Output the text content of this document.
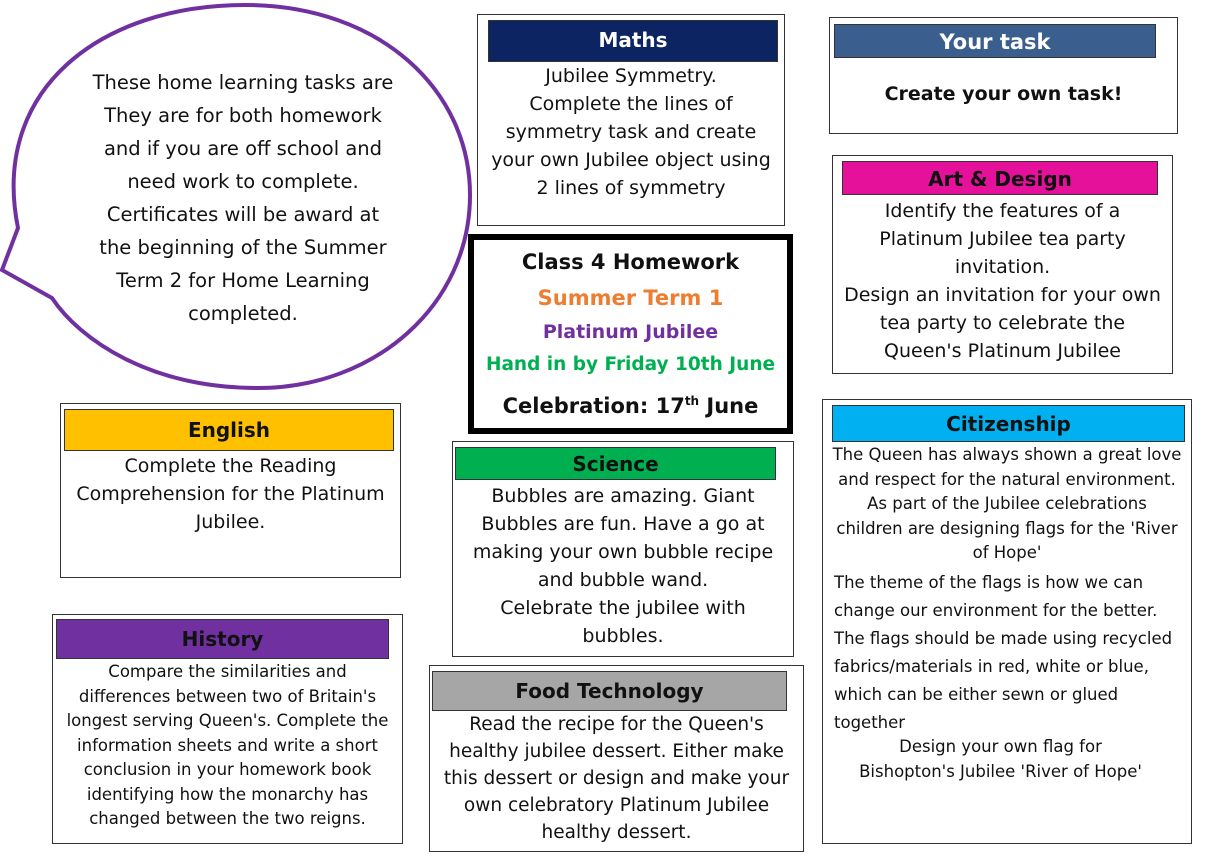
These home learning tasks are
They are for both homework
and if you are off school and
need work to complete.
Certificates will be award at
the beginning of the Summer
Term 2 for Home Learning
completed.
Maths
Jubilee Symmetry.
Complete the lines of
symmetry task and create
your own Jubilee object using
2 lines of symmetry
Your task
Create your own task!
Art & Design
Identify the features of a
Platinum Jubilee tea party
invitation.
Design an invitation for your own
tea party to celebrate the
Queen's Platinum Jubilee
Class 4 Homework
Summer Term 1
Platinum Jubilee
Hand in by Friday 10th June
Celebration: 17th June
English
Complete the Reading
Comprehension for the Platinum
Jubilee.
Science
Bubbles are amazing. Giant
Bubbles are fun. Have a go at
making your own bubble recipe
and bubble wand.
Celebrate the jubilee with
bubbles.
Citizenship
The Queen has always shown a great love
and respect for the natural environment.
As part of the Jubilee celebrations
children are designing flags for the 'River
of Hope'
The theme of the flags is how we can
change our environment for the better.
The flags should be made using recycled
fabrics/materials in red, white or blue,
which can be either sewn or glued
together
Design your own flag for
Bishopton's Jubilee 'River of Hope'
History
Compare the similarities and
differences between two of Britain's
longest serving Queen's. Complete the
information sheets and write a short
conclusion in your homework book
identifying how the monarchy has
changed between the two reigns.
Food Technology
Read the recipe for the Queen's
healthy jubilee dessert. Either make
this dessert or design and make your
own celebratory Platinum Jubilee
healthy dessert.
